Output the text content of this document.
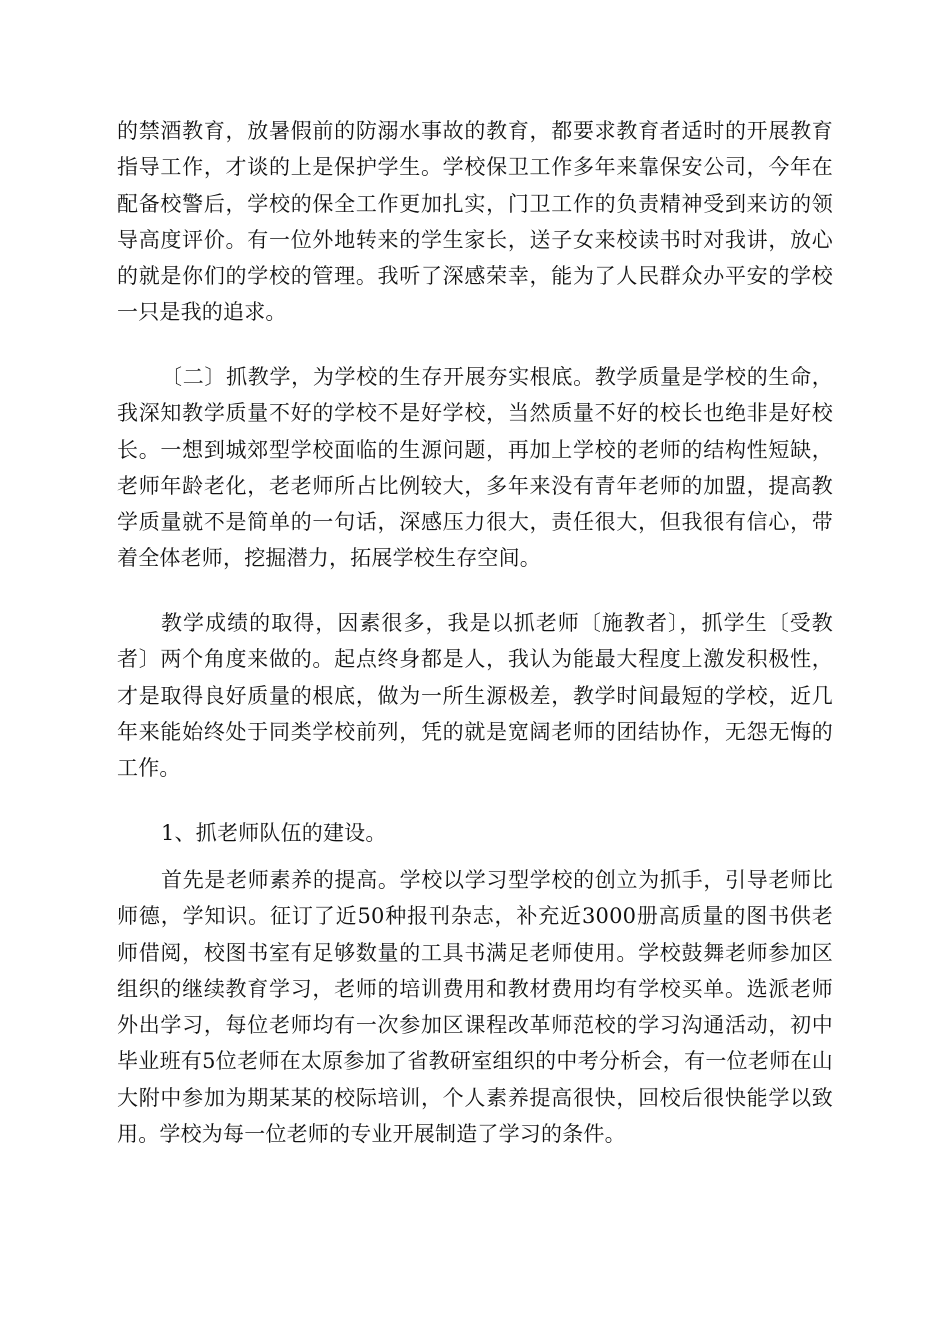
的禁酒教育，放暑假前的防溺水事故的教育，都要求教育者适时的开展教育指导工作，才谈的上是保护学生。学校保卫工作多年来靠保安公司，今年在配备校警后，学校的保全工作更加扎实，门卫工作的负责精神受到来访的领导高度评价。有一位外地转来的学生家长，送子女来校读书时对我讲，放心的就是你们的学校的管理。我听了深感荣幸，能为了人民群众办平安的学校一只是我的追求。

〔二〕抓教学，为学校的生存开展夯实根底。教学质量是学校的生命，我深知教学质量不好的学校不是好学校，当然质量不好的校长也绝非是好校长。一想到城郊型学校面临的生源问题，再加上学校的老师的结构性短缺，老师年龄老化，老老师所占比例较大，多年来没有青年老师的加盟，提高教学质量就不是简单的一句话，深感压力很大，责任很大，但我很有信心，带着全体老师，挖掘潜力，拓展学校生存空间。

教学成绩的取得，因素很多，我是以抓老师〔施教者〕，抓学生〔受教者〕两个角度来做的。起点终身都是人，我认为能最大程度上激发积极性，才是取得良好质量的根底，做为一所生源极差，教学时间最短的学校，近几年来能始终处于同类学校前列，凭的就是宽阔老师的团结协作，无怨无悔的工作。

1、抓老师队伍的建设。

首先是老师素养的提高。学校以学习型学校的创立为抓手，引导老师比师德，学知识。征订了近50种报刊杂志，补充近3000册高质量的图书供老师借阅，校图书室有足够数量的工具书满足老师使用。学校鼓舞老师参加区组织的继续教育学习，老师的培训费用和教材费用均有学校买单。选派老师外出学习，每位老师均有一次参加区课程改革师范校的学习沟通活动，初中毕业班有5位老师在太原参加了省教研室组织的中考分析会，有一位老师在山大附中参加为期某某的校际培训，个人素养提高很快，回校后很快能学以致用。学校为每一位老师的专业开展制造了学习的条件。
